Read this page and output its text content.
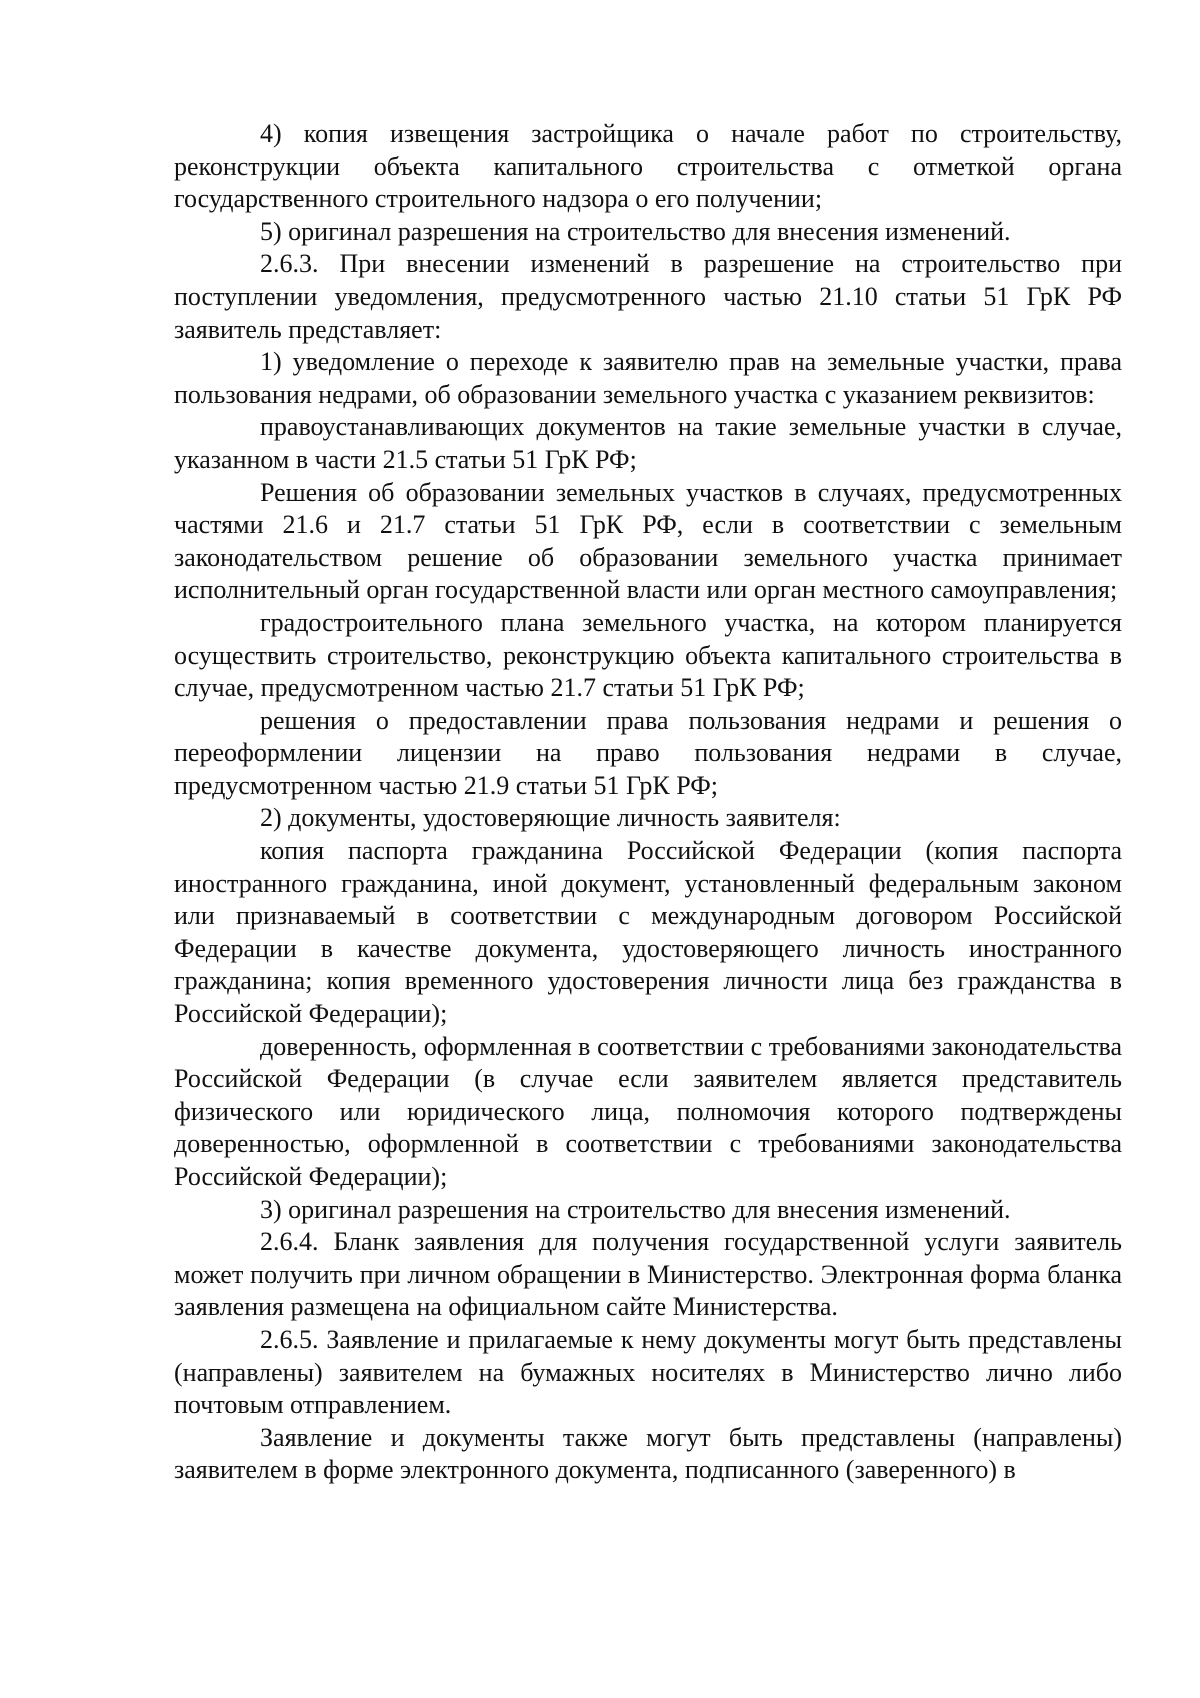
4) копия извещения застройщика о начале работ по строительству, реконструкции объекта капитального строительства с отметкой органа государственного строительного надзора о его получении;

5) оригинал разрешения на строительство для внесения изменений.

2.6.3. При внесении изменений в разрешение на строительство при поступлении уведомления, предусмотренного частью 21.10 статьи 51 ГрК РФ заявитель представляет:

1) уведомление о переходе к заявителю прав на земельные участки, права пользования недрами, об образовании земельного участка с указанием реквизитов:

правоустанавливающих документов на такие земельные участки в случае, указанном в части 21.5 статьи 51 ГрК РФ;

Решения об образовании земельных участков в случаях, предусмотренных частями 21.6 и 21.7 статьи 51 ГрК РФ, если в соответствии с земельным законодательством решение об образовании земельного участка принимает исполнительный орган государственной власти или орган местного самоуправления;

градостроительного плана земельного участка, на котором планируется осуществить строительство, реконструкцию объекта капитального строительства в случае, предусмотренном частью 21.7 статьи 51 ГрК РФ;

решения о предоставлении права пользования недрами и решения о переоформлении лицензии на право пользования недрами в случае, предусмотренном частью 21.9 статьи 51 ГрК РФ;

2) документы, удостоверяющие личность заявителя:

копия паспорта гражданина Российской Федерации (копия паспорта иностранного гражданина, иной документ, установленный федеральным законом или признаваемый в соответствии с международным договором Российской Федерации в качестве документа, удостоверяющего личность иностранного гражданина; копия временного удостоверения личности лица без гражданства в Российской Федерации);

доверенность, оформленная в соответствии с требованиями законодательства Российской Федерации (в случае если заявителем является представитель физического или юридического лица, полномочия которого подтверждены доверенностью, оформленной в соответствии с требованиями законодательства Российской Федерации);

3) оригинал разрешения на строительство для внесения изменений.

2.6.4. Бланк заявления для получения государственной услуги заявитель может получить при личном обращении в Министерство. Электронная форма бланка заявления размещена на официальном сайте Министерства.

2.6.5. Заявление и прилагаемые к нему документы могут быть представлены (направлены) заявителем на бумажных носителях в Министерство лично либо почтовым отправлением.

Заявление и документы также могут быть представлены (направлены) заявителем в форме электронного документа, подписанного (заверенного) в
